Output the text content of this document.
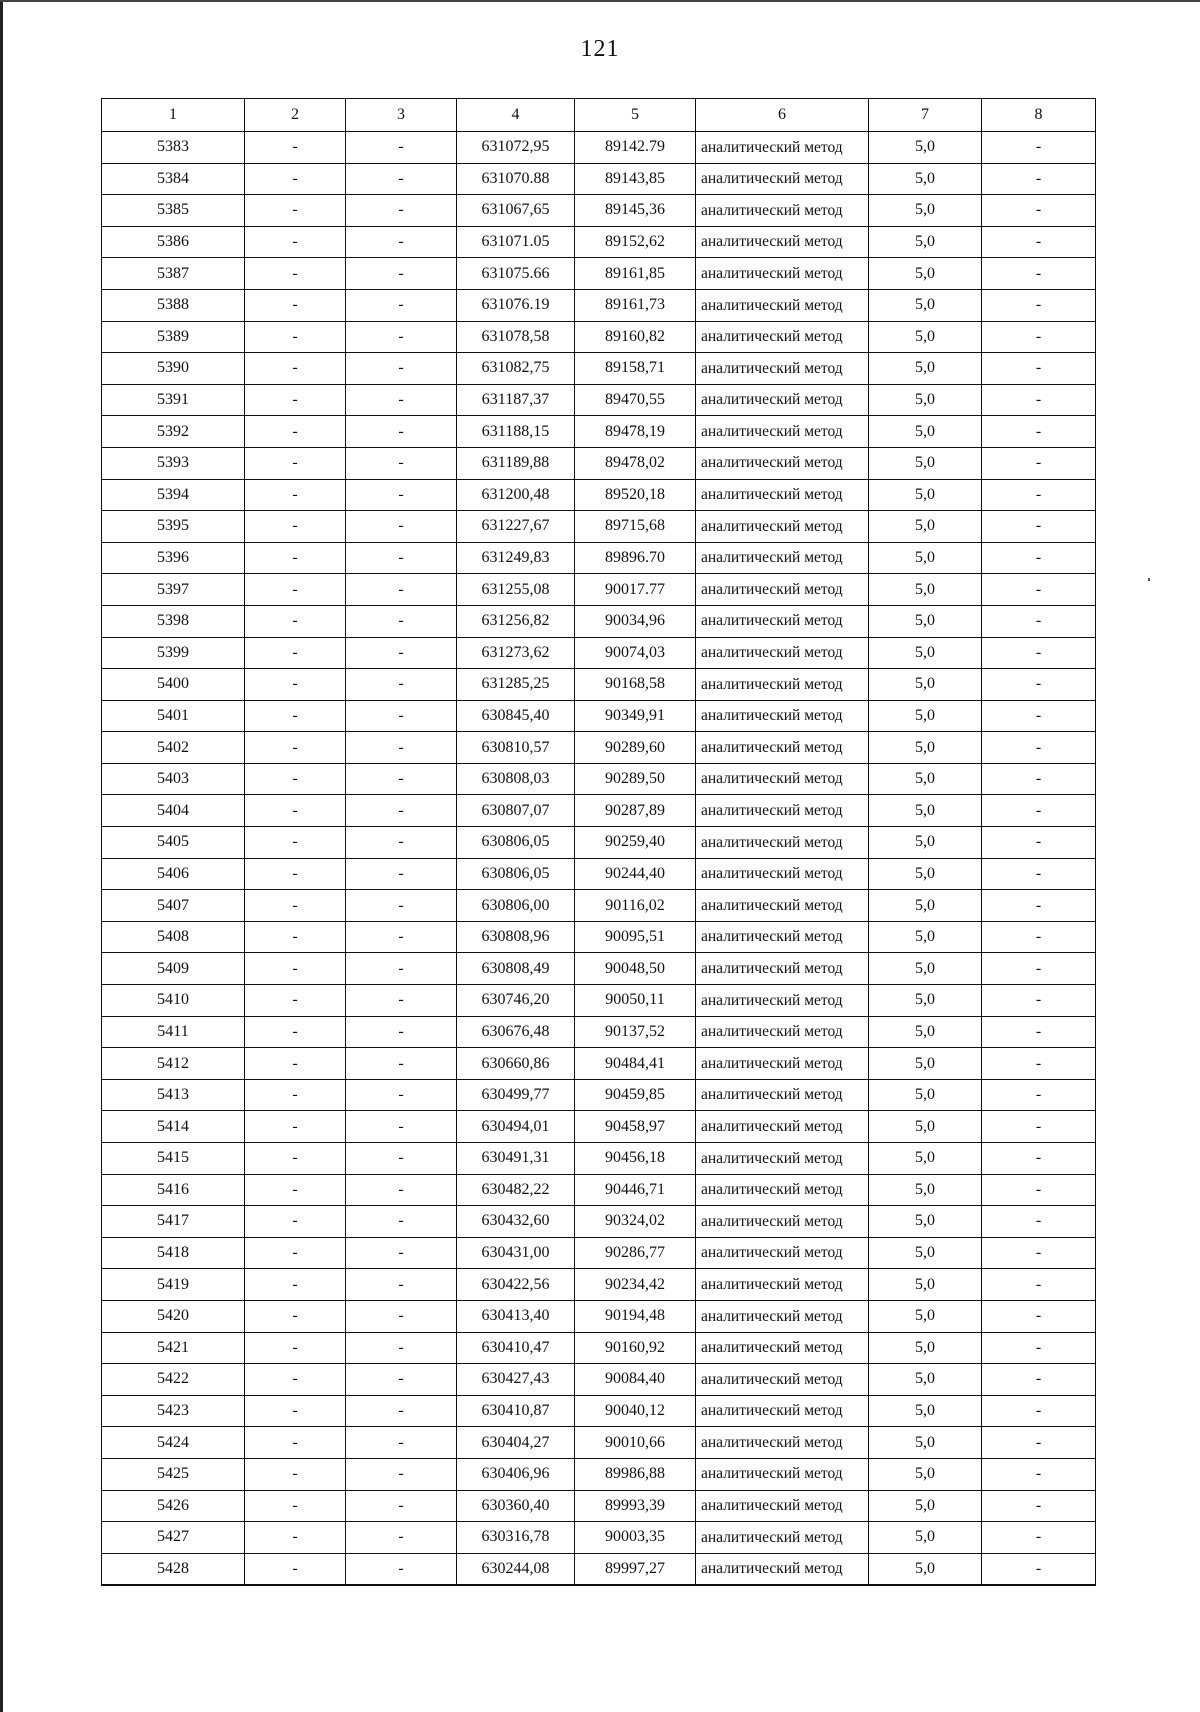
121
1	2	3	4	5	6	7	8
5383	-	-	631072,95	89142.79	аналитический метод	5,0	-
5384	-	-	631070.88	89143,85	аналитический метод	5,0	-
5385	-	-	631067,65	89145,36	аналитический метод	5,0	-
5386	-	-	631071.05	89152,62	аналитический метод	5,0	-
5387	-	-	631075.66	89161,85	аналитический метод	5,0	-
5388	-	-	631076.19	89161,73	аналитический метод	5,0	-
5389	-	-	631078,58	89160,82	аналитический метод	5,0	-
5390	-	-	631082,75	89158,71	аналитический метод	5,0	-
5391	-	-	631187,37	89470,55	аналитический метод	5,0	-
5392	-	-	631188,15	89478,19	аналитический метод	5,0	-
5393	-	-	631189,88	89478,02	аналитический метод	5,0	-
5394	-	-	631200,48	89520,18	аналитический метод	5,0	-
5395	-	-	631227,67	89715,68	аналитический метод	5,0	-
5396	-	-	631249,83	89896.70	аналитический метод	5,0	-
5397	-	-	631255,08	90017.77	аналитический метод	5,0	-
5398	-	-	631256,82	90034,96	аналитический метод	5,0	-
5399	-	-	631273,62	90074,03	аналитический метод	5,0	-
5400	-	-	631285,25	90168,58	аналитический метод	5,0	-
5401	-	-	630845,40	90349,91	аналитический метод	5,0	-
5402	-	-	630810,57	90289,60	аналитический метод	5,0	-
5403	-	-	630808,03	90289,50	аналитический метод	5,0	-
5404	-	-	630807,07	90287,89	аналитический метод	5,0	-
5405	-	-	630806,05	90259,40	аналитический метод	5,0	-
5406	-	-	630806,05	90244,40	аналитический метод	5,0	-
5407	-	-	630806,00	90116,02	аналитический метод	5,0	-
5408	-	-	630808,96	90095,51	аналитический метод	5,0	-
5409	-	-	630808,49	90048,50	аналитический метод	5,0	-
5410	-	-	630746,20	90050,11	аналитический метод	5,0	-
5411	-	-	630676,48	90137,52	аналитический метод	5,0	-
5412	-	-	630660,86	90484,41	аналитический метод	5,0	-
5413	-	-	630499,77	90459,85	аналитический метод	5,0	-
5414	-	-	630494,01	90458,97	аналитический метод	5,0	-
5415	-	-	630491,31	90456,18	аналитический метод	5,0	-
5416	-	-	630482,22	90446,71	аналитический метод	5,0	-
5417	-	-	630432,60	90324,02	аналитический метод	5,0	-
5418	-	-	630431,00	90286,77	аналитический метод	5,0	-
5419	-	-	630422,56	90234,42	аналитический метод	5,0	-
5420	-	-	630413,40	90194,48	аналитический метод	5,0	-
5421	-	-	630410,47	90160,92	аналитический метод	5,0	-
5422	-	-	630427,43	90084,40	аналитический метод	5,0	-
5423	-	-	630410,87	90040,12	аналитический метод	5,0	-
5424	-	-	630404,27	90010,66	аналитический метод	5,0	-
5425	-	-	630406,96	89986,88	аналитический метод	5,0	-
5426	-	-	630360,40	89993,39	аналитический метод	5,0	-
5427	-	-	630316,78	90003,35	аналитический метод	5,0	-
5428	-	-	630244,08	89997,27	аналитический метод	5,0	-
